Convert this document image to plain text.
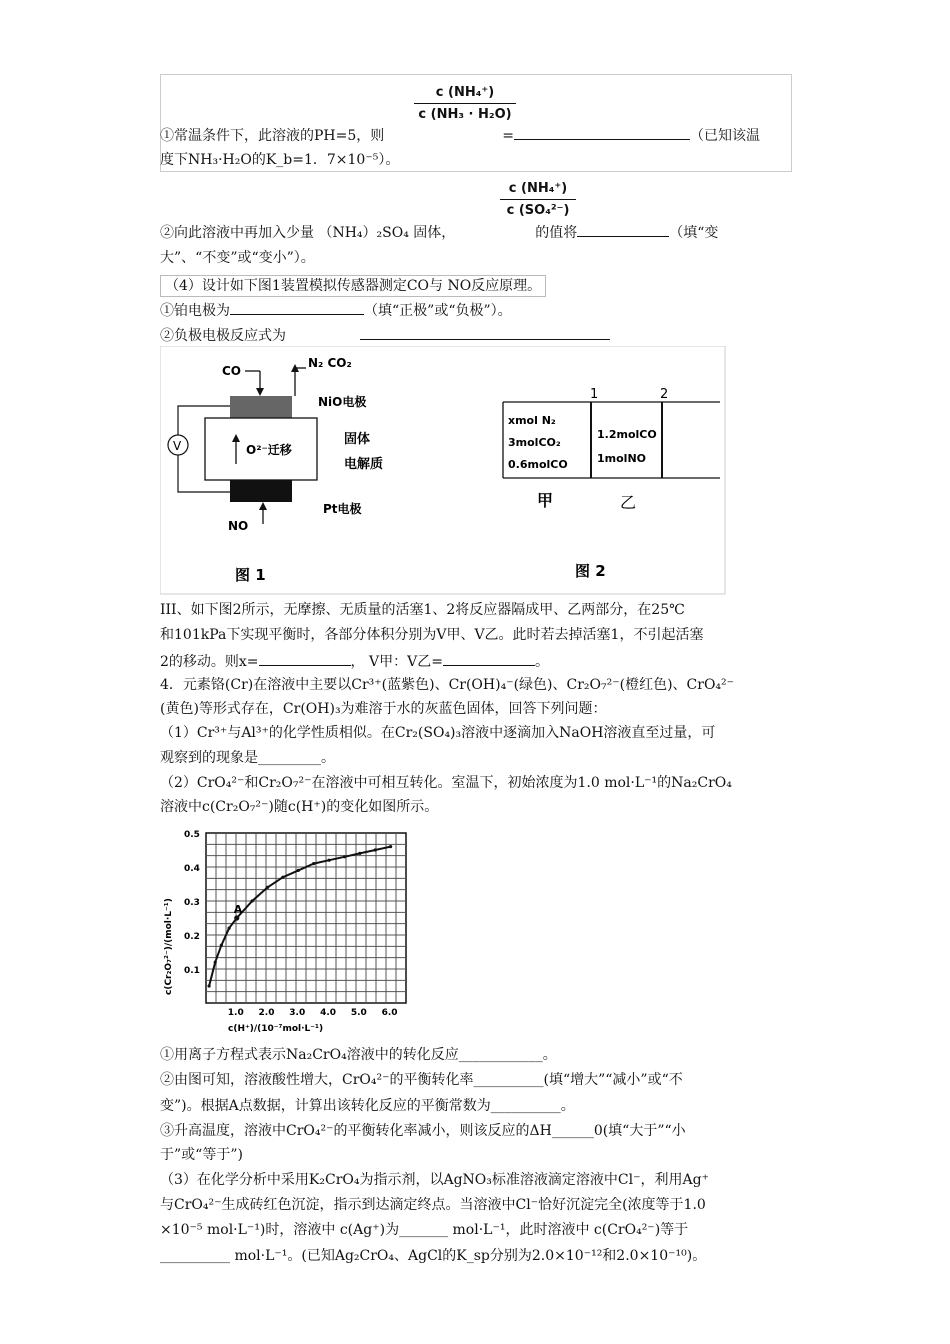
$\frac{\text{c (NH₄⁺)}}{\text{c (NH₃ · H₂O)}}$
①常温条件下，此溶液的PH=5，则	=	（已知该温
度下NH₃·H₂O的K_b=1．7×10⁻⁵）。
$\frac{\text{c (NH₄⁺)}}{\text{c (SO₄²⁻)}}$
②向此溶液中再加入少量 （NH₄）₂SO₄ 固体，	的值将	（填“变
大”、“不变”或“变小”）。
（4）设计如下图1装置模拟传感器测定CO与 NO反应原理。
①铂电极为	（填“正极”或“负极”）。
②负极电极反应式为
CO
N₂ CO₂
NiO电极
O²⁻迁移
固体
电解质
Pt电极
NO
V
图 1
1	2
xmol N₂
3molCO₂
0.6molCO
1.2molCO
1molNO
甲	乙
图 2
III、如下图2所示，无摩擦、无质量的活塞1、2将反应器隔成甲、乙两部分，在25℃
和101kPa下实现平衡时，各部分体积分别为V甲、V乙。此时若去掉活塞1，不引起活塞
2的移动。则x=	， V甲：V乙=	。
4．元素铬(Cr)在溶液中主要以Cr³⁺(蓝紫色)、Cr(OH)₄⁻(绿色)、Cr₂O₇²⁻(橙红色)、CrO₄²⁻
(黄色)等形式存在，Cr(OH)₃为难溶于水的灰蓝色固体，回答下列问题：
（1）Cr³⁺与Al³⁺的化学性质相似。在Cr₂(SO₄)₃溶液中逐滴加入NaOH溶液直至过量，可
观察到的现象是_________。
（2）CrO₄²⁻和Cr₂O₇²⁻在溶液中可相互转化。室温下，初始浓度为1.0 mol·L⁻¹的Na₂CrO₄
溶液中c(Cr₂O₇²⁻)随c(H⁺)的变化如图所示。
1.0 2.0 3.0 4.0 5.0 6.0
0.1
0.2
0.3
0.4
0.5
A
c(H⁺)/(10⁻⁷mol·L⁻¹)
c(Cr₂O₇²⁻)/(mol·L⁻¹)
①用离子方程式表示Na₂CrO₄溶液中的转化反应____________。
②由图可知，溶液酸性增大，CrO₄²⁻的平衡转化率__________(填“增大”“减小”或“不
变”)。根据A点数据，计算出该转化反应的平衡常数为__________。
③升高温度，溶液中CrO₄²⁻的平衡转化率减小，则该反应的ΔH______0(填“大于”“小
于”或“等于”)
（3）在化学分析中采用K₂CrO₄为指示剂，以AgNO₃标准溶液滴定溶液中Cl⁻，利用Ag⁺
与CrO₄²⁻生成砖红色沉淀，指示到达滴定终点。当溶液中Cl⁻恰好沉淀完全(浓度等于1.0
×10⁻⁵ mol·L⁻¹)时，溶液中 c(Ag⁺)为_______ mol·L⁻¹，此时溶液中 c(CrO₄²⁻)等于
__________ mol·L⁻¹。(已知Ag₂CrO₄、AgCl的K_sp分别为2.0×10⁻¹²和2.0×10⁻¹⁰)。
